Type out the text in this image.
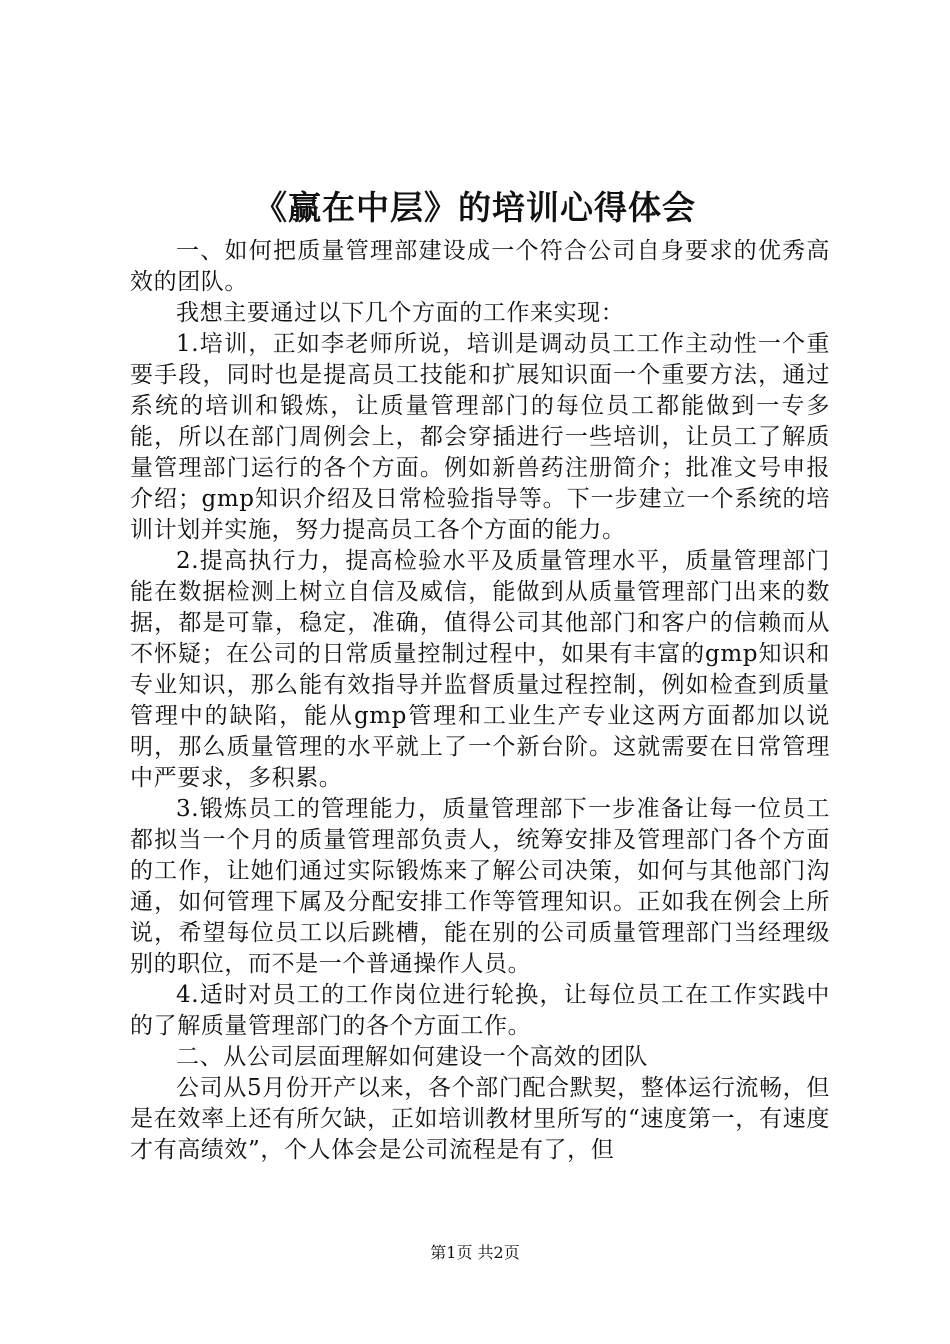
《赢在中层》的培训心得体会

一、如何把质量管理部建设成一个符合公司自身要求的优秀高效的团队。

我想主要通过以下几个方面的工作来实现：

1.培训，正如李老师所说，培训是调动员工工作主动性一个重要手段，同时也是提高员工技能和扩展知识面一个重要方法，通过系统的培训和锻炼，让质量管理部门的每位员工都能做到一专多能，所以在部门周例会上，都会穿插进行一些培训，让员工了解质量管理部门运行的各个方面。例如新兽药注册简介；批准文号申报介绍；gmp知识介绍及日常检验指导等。下一步建立一个系统的培训计划并实施，努力提高员工各个方面的能力。

2.提高执行力，提高检验水平及质量管理水平，质量管理部门能在数据检测上树立自信及威信，能做到从质量管理部门出来的数据，都是可靠，稳定，准确，值得公司其他部门和客户的信赖而从不怀疑；在公司的日常质量控制过程中，如果有丰富的gmp知识和专业知识，那么能有效指导并监督质量过程控制，例如检查到质量管理中的缺陷，能从gmp管理和工业生产专业这两方面都加以说明，那么质量管理的水平就上了一个新台阶。这就需要在日常管理中严要求，多积累。

3.锻炼员工的管理能力，质量管理部下一步准备让每一位员工都拟当一个月的质量管理部负责人，统筹安排及管理部门各个方面的工作，让她们通过实际锻炼来了解公司决策，如何与其他部门沟通，如何管理下属及分配安排工作等管理知识。正如我在例会上所说，希望每位员工以后跳槽，能在别的公司质量管理部门当经理级别的职位，而不是一个普通操作人员。

4.适时对员工的工作岗位进行轮换，让每位员工在工作实践中的了解质量管理部门的各个方面工作。

二、从公司层面理解如何建设一个高效的团队

公司从5月份开产以来，各个部门配合默契，整体运行流畅，但是在效率上还有所欠缺，正如培训教材里所写的“速度第一，有速度才有高绩效”，个人体会是公司流程是有了，但

第1页 共2页
